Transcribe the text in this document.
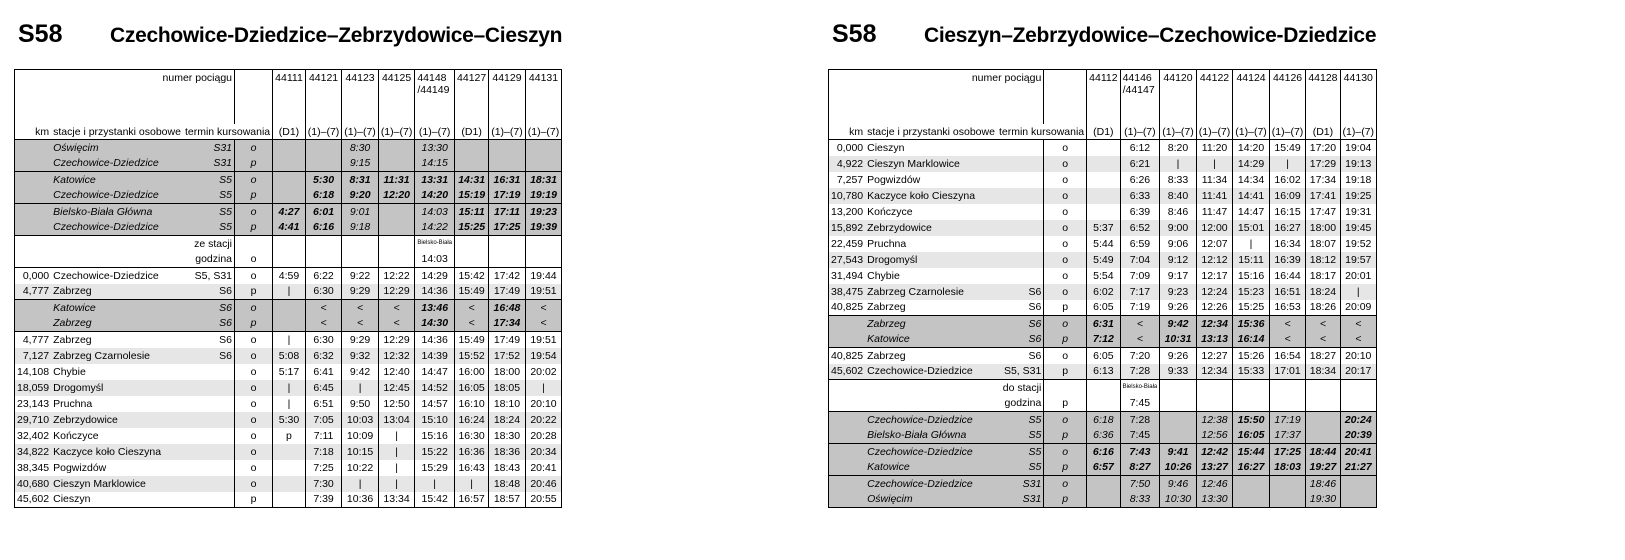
S58 Czechowice-Dziedzice–Zebrzydowice–Cieszyn
numer pociągu				44111	44121	44123	44125	44148 /44149	44127	44129	44131
km	stacje i przystanki osobowe	termin kursowania		(D1)	(1)–(7)	(1)–(7)	(1)–(7)	(1)–(7)	(D1)	(1)–(7)	(1)–(7)
	Oświęcim	S31	o			8:30		13:30			
	Czechowice-Dziedzice	S31	p			9:15		14:15			
	Katowice	S5	o		5:30	8:31	11:31	13:31	14:31	16:31	18:31
	Czechowice-Dziedzice	S5	p		6:18	9:20	12:20	14:20	15:19	17:19	19:19
	Bielsko-Biała Główna	S5	o	4:27	6:01	9:01		14:03	15:11	17:11	19:23
	Czechowice-Dziedzice	S5	p	4:41	6:16	9:18		14:22	15:25	17:25	19:39
		ze stacji						Bielsko-Biała			
		godzina	o					14:03			
0,000	Czechowice-Dziedzice	S5, S31	o	4:59	6:22	9:22	12:22	14:29	15:42	17:42	19:44
4,777	Zabrzeg	S6	p	|	6:30	9:29	12:29	14:36	15:49	17:49	19:51
	Katowice	S6	o		<	<	<	13:46	<	16:48	<
	Zabrzeg	S6	p		<	<	<	14:30	<	17:34	<
4,777	Zabrzeg	S6	o	|	6:30	9:29	12:29	14:36	15:49	17:49	19:51
7,127	Zabrzeg Czarnolesie	S6	o	5:08	6:32	9:32	12:32	14:39	15:52	17:52	19:54
14,108	Chybie		o	5:17	6:41	9:42	12:40	14:47	16:00	18:00	20:02
18,059	Drogomyśl		o	|	6:45	|	12:45	14:52	16:05	18:05	|
23,143	Pruchna		o	|	6:51	9:50	12:50	14:57	16:10	18:10	20:10
29,710	Zebrzydowice		o	5:30	7:05	10:03	13:04	15:10	16:24	18:24	20:22
32,402	Kończyce		o	p	7:11	10:09	|	15:16	16:30	18:30	20:28
34,822	Kaczyce koło Cieszyna		o		7:18	10:15	|	15:22	16:36	18:36	20:34
38,345	Pogwizdów		o		7:25	10:22	|	15:29	16:43	18:43	20:41
40,680	Cieszyn Marklowice		o		7:30	|	|	|	|	18:48	20:46
45,602	Cieszyn		p		7:39	10:36	13:34	15:42	16:57	18:57	20:55
S58 Cieszyn–Zebrzydowice–Czechowice-Dziedzice
numer pociągu				44112	44146 /44147	44120	44122	44124	44126	44128	44130
km	stacje i przystanki osobowe	termin kursowania		(D1)	(1)–(7)	(1)–(7)	(1)–(7)	(1)–(7)	(1)–(7)	(D1)	(1)–(7)
0,000	Cieszyn		o		6:12	8:20	11:20	14:20	15:49	17:20	19:04
4,922	Cieszyn Marklowice		o		6:21	|	|	14:29	|	17:29	19:13
7,257	Pogwizdów		o		6:26	8:33	11:34	14:34	16:02	17:34	19:18
10,780	Kaczyce koło Cieszyna		o		6:33	8:40	11:41	14:41	16:09	17:41	19:25
13,200	Kończyce		o		6:39	8:46	11:47	14:47	16:15	17:47	19:31
15,892	Zebrzydowice		o	5:37	6:52	9:00	12:00	15:01	16:27	18:00	19:45
22,459	Pruchna		o	5:44	6:59	9:06	12:07	|	16:34	18:07	19:52
27,543	Drogomyśl		o	5:49	7:04	9:12	12:12	15:11	16:39	18:12	19:57
31,494	Chybie		o	5:54	7:09	9:17	12:17	15:16	16:44	18:17	20:01
38,475	Zabrzeg Czarnolesie	S6	o	6:02	7:17	9:23	12:24	15:23	16:51	18:24	|
40,825	Zabrzeg	S6	p	6:05	7:19	9:26	12:26	15:25	16:53	18:26	20:09
	Zabrzeg	S6	o	6:31	<	9:42	12:34	15:36	<	<	<
	Katowice	S6	p	7:12	<	10:31	13:13	16:14	<	<	<
40,825	Zabrzeg	S6	o	6:05	7:20	9:26	12:27	15:26	16:54	18:27	20:10
45,602	Czechowice-Dziedzice	S5, S31	p	6:13	7:28	9:33	12:34	15:33	17:01	18:34	20:17
		do stacji			Bielsko-Biała						
		godzina	p		7:45						
	Czechowice-Dziedzice	S5	o	6:18	7:28		12:38	15:50	17:19		20:24
	Bielsko-Biała Główna	S5	p	6:36	7:45		12:56	16:05	17:37		20:39
	Czechowice-Dziedzice	S5	o	6:16	7:43	9:41	12:42	15:44	17:25	18:44	20:41
	Katowice	S5	p	6:57	8:27	10:26	13:27	16:27	18:03	19:27	21:27
	Czechowice-Dziedzice	S31	o		7:50	9:46	12:46			18:46	
	Oświęcim	S31	p		8:33	10:30	13:30			19:30	
